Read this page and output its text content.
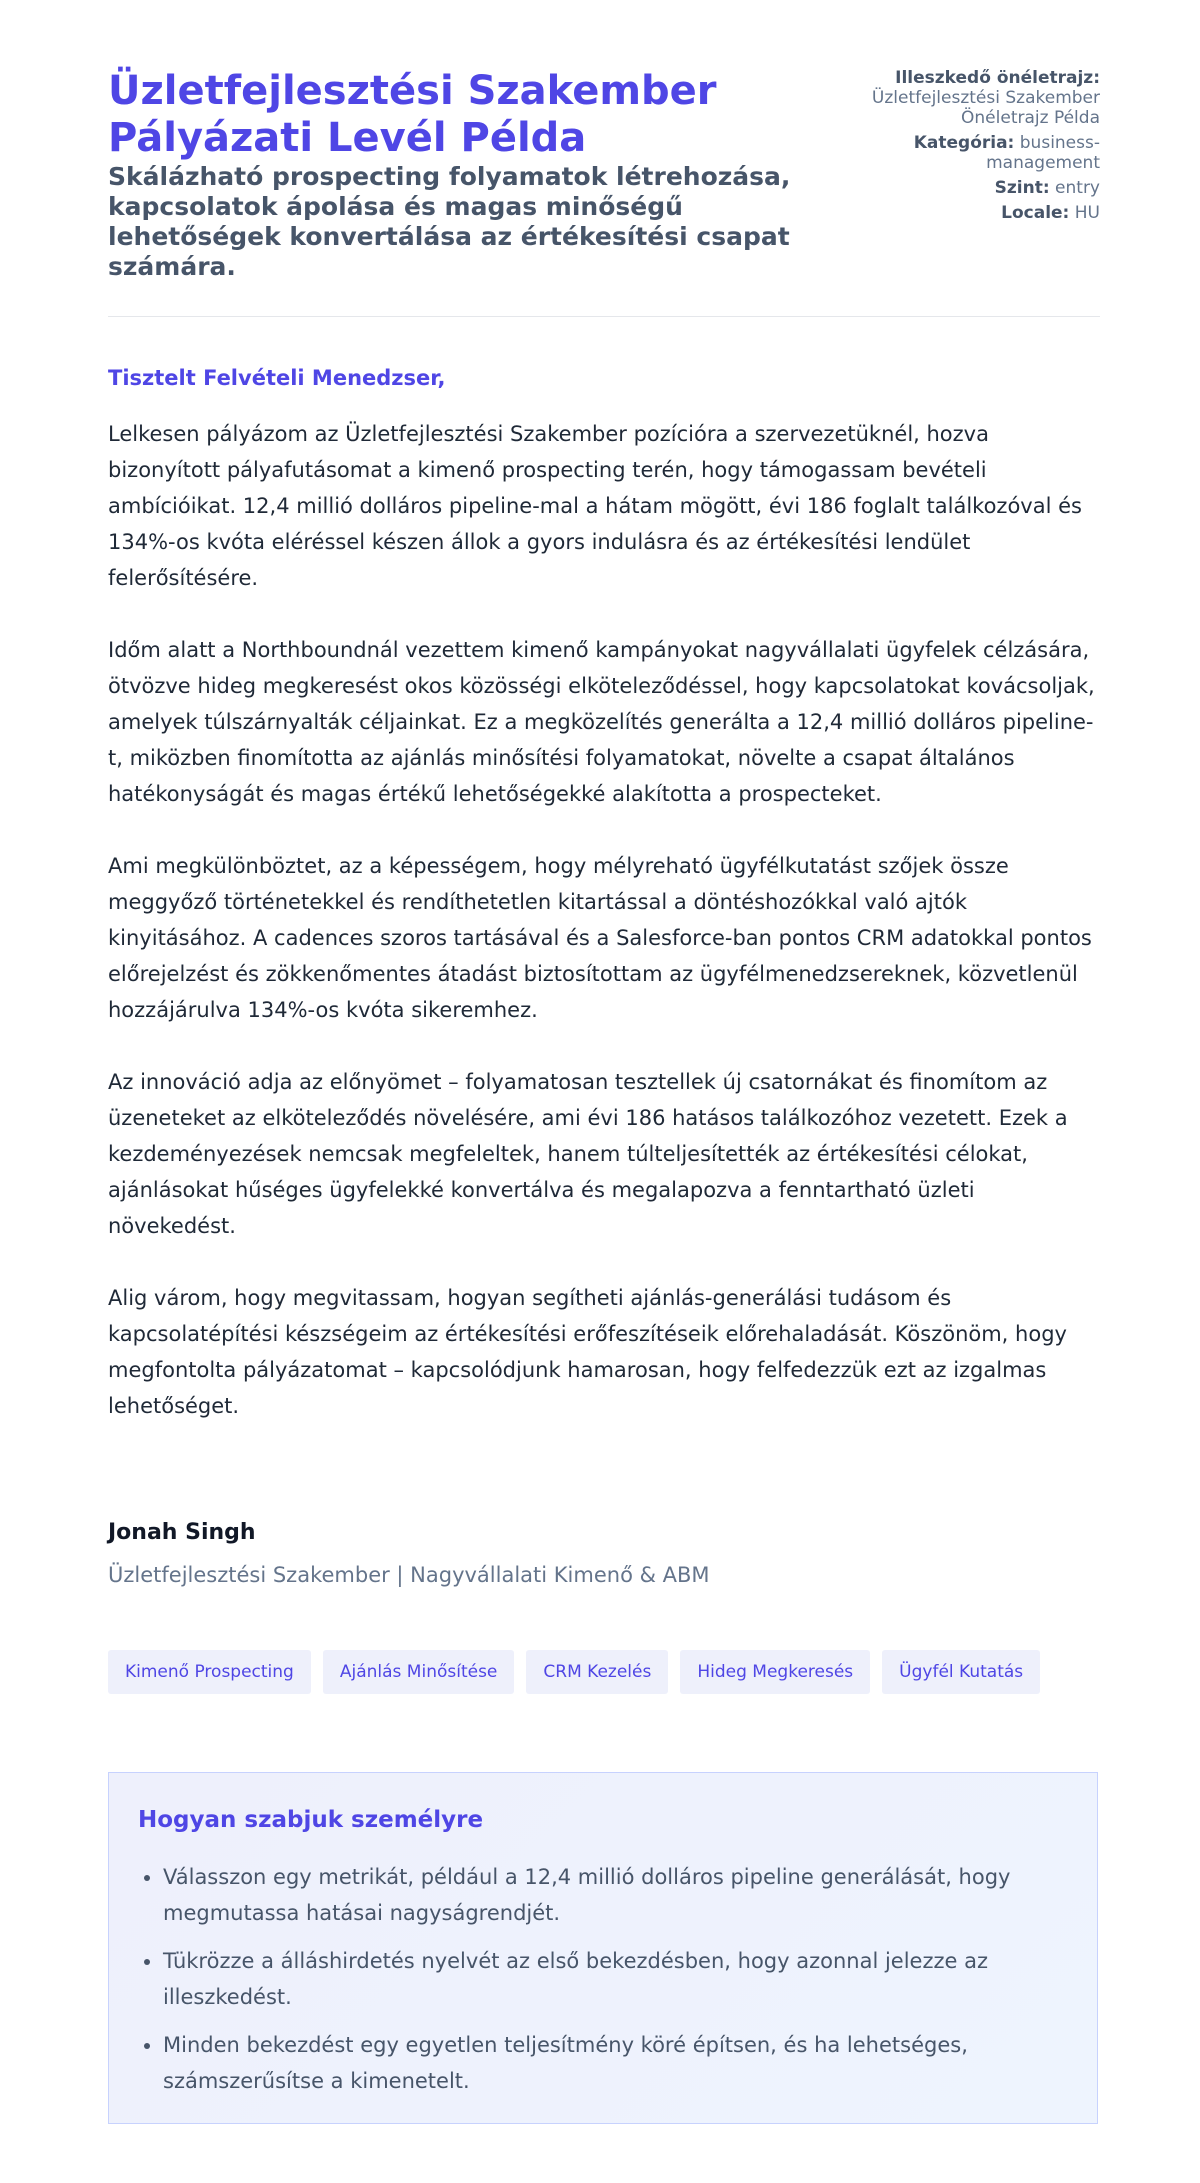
Üzletfejlesztési Szakember Pályázati Levél Példa
Skálázható prospecting folyamatok létrehozása, kapcsolatok ápolása és magas minőségű lehetőségek konvertálása az értékesítési csapat számára.
Illeszkedő önéletrajz: Üzletfejlesztési Szakember Önéletrajz Példa
Kategória: business-management
Szint: entry
Locale: HU

Tisztelt Felvételi Menedzser,

Lelkesen pályázom az Üzletfejlesztési Szakember pozícióra a szervezetüknél, hozva bizonyított pályafutásomat a kimenő prospecting terén, hogy támogassam bevételi ambícióikat. 12,4 millió dolláros pipeline-mal a hátam mögött, évi 186 foglalt találkozóval és 134%-os kvóta eléréssel készen állok a gyors indulásra és az értékesítési lendület felerősítésére.

Időm alatt a Northboundnál vezettem kimenő kampányokat nagyvállalati ügyfelek célzására, ötvözve hideg megkeresést okos közösségi elköteleződéssel, hogy kapcsolatokat kovácsoljak, amelyek túlszárnyalták céljainkat. Ez a megközelítés generálta a 12,4 millió dolláros pipeline-t, miközben finomította az ajánlás minősítési folyamatokat, növelte a csapat általános hatékonyságát és magas értékű lehetőségekké alakította a prospecteket.

Ami megkülönböztet, az a képességem, hogy mélyreható ügyfélkutatást szőjek össze meggyőző történetekkel és rendíthetetlen kitartással a döntéshozókkal való ajtók kinyitásához. A cadences szoros tartásával és a Salesforce-ban pontos CRM adatokkal pontos előrejelzést és zökkenőmentes átadást biztosítottam az ügyfélmenedzsereknek, közvetlenül hozzájárulva 134%-os kvóta sikeremhez.

Az innováció adja az előnyömet – folyamatosan tesztellek új csatornákat és finomítom az üzeneteket az elköteleződés növelésére, ami évi 186 hatásos találkozóhoz vezetett. Ezek a kezdeményezések nemcsak megfeleltek, hanem túlteljesítették az értékesítési célokat, ajánlásokat hűséges ügyfelekké konvertálva és megalapozva a fenntartható üzleti növekedést.

Alig várom, hogy megvitassam, hogyan segítheti ajánlás-generálási tudásom és kapcsolatépítési készségeim az értékesítési erőfeszítéseik előrehaladását. Köszönöm, hogy megfontolta pályázatomat – kapcsolódjunk hamarosan, hogy felfedezzük ezt az izgalmas lehetőséget.

Jonah Singh
Üzletfejlesztési Szakember | Nagyvállalati Kimenő & ABM
Kimenő Prospecting	Ajánlás Minősítése	CRM Kezelés	Hideg Megkeresés	Ügyfél Kutatás
Hogyan szabjuk személyre
• Válasszon egy metrikát, például a 12,4 millió dolláros pipeline generálását, hogy megmutassa hatásai nagyságrendjét.
• Tükrözze a álláshirdetés nyelvét az első bekezdésben, hogy azonnal jelezze az illeszkedést.
• Minden bekezdést egy egyetlen teljesítmény köré építsen, és ha lehetséges, számszerűsítse a kimenetelt.
